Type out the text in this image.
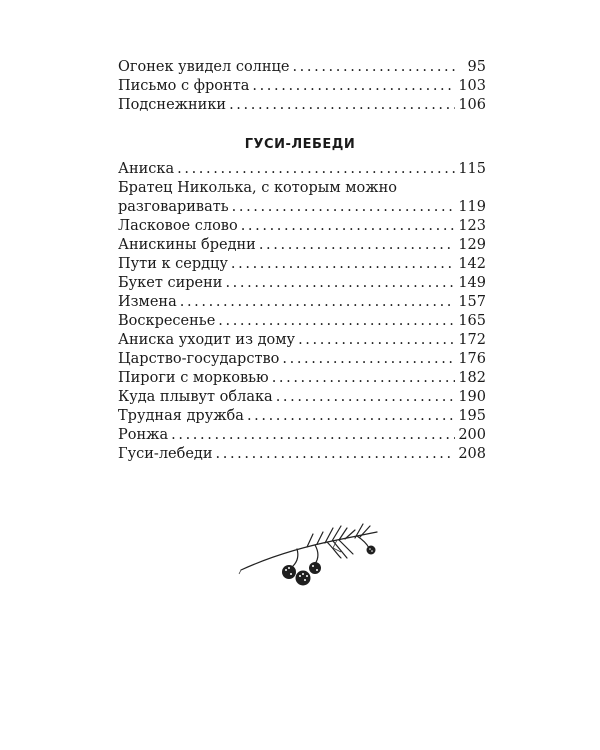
Огонек увидел солнце . . .	95
Письмо с фронта . . .	103
Подснежники . . .	106
ГУСИ-ЛЕБЕДИ
Аниска . . .	115
Братец Николька, с которым можно
разговаривать . . .	119
Ласковое слово . . .	123
Анискины бредни . . .	129
Пути к сердцу . . .	142
Букет сирени . . .	149
Измена . . .	157
Воскресенье . . .	165
Аниска уходит из дому . . .	172
Царство-государство . . .	176
Пироги с морковью . . .	182
Куда плывут облака . . .	190
Трудная дружба . . .	195
Ронжа . . .	200
Гуси-лебеди . . .	208
